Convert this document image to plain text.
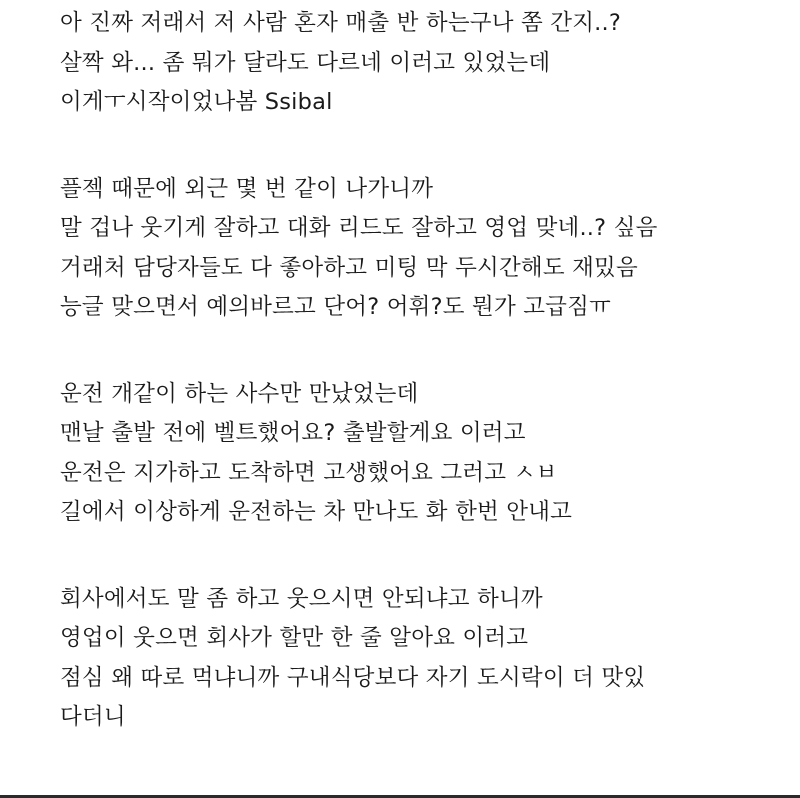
아 진짜 저래서 저 사람 혼자 매출 반 하는구나 쫌 간지..?
살짝 와... 좀 뭐가 달라도 다르네 이러고 있었는데
이게ㅜ시작이었나봄 Ssibal
플젝 때문에 외근 몇 번 같이 나가니까
말 겁나 웃기게 잘하고 대화 리드도 잘하고 영업 맞네..? 싶음
거래처 담당자들도 다 좋아하고 미팅 막 두시간해도 재밌음
능글 맞으면서 예의바르고 단어? 어휘?도 뭔가 고급짐ㅠ
운전 개같이 하는 사수만 만났었는데
맨날 출발 전에 벨트했어요? 출발할게요 이러고
운전은 지가하고 도착하면 고생했어요 그러고 ㅅㅂ
길에서 이상하게 운전하는 차 만나도 화 한번 안내고
회사에서도 말 좀 하고 웃으시면 안되냐고 하니까
영업이 웃으면 회사가 할만 한 줄 알아요 이러고
점심 왜 따로 먹냐니까 구내식당보다 자기 도시락이 더 맛있
다더니
